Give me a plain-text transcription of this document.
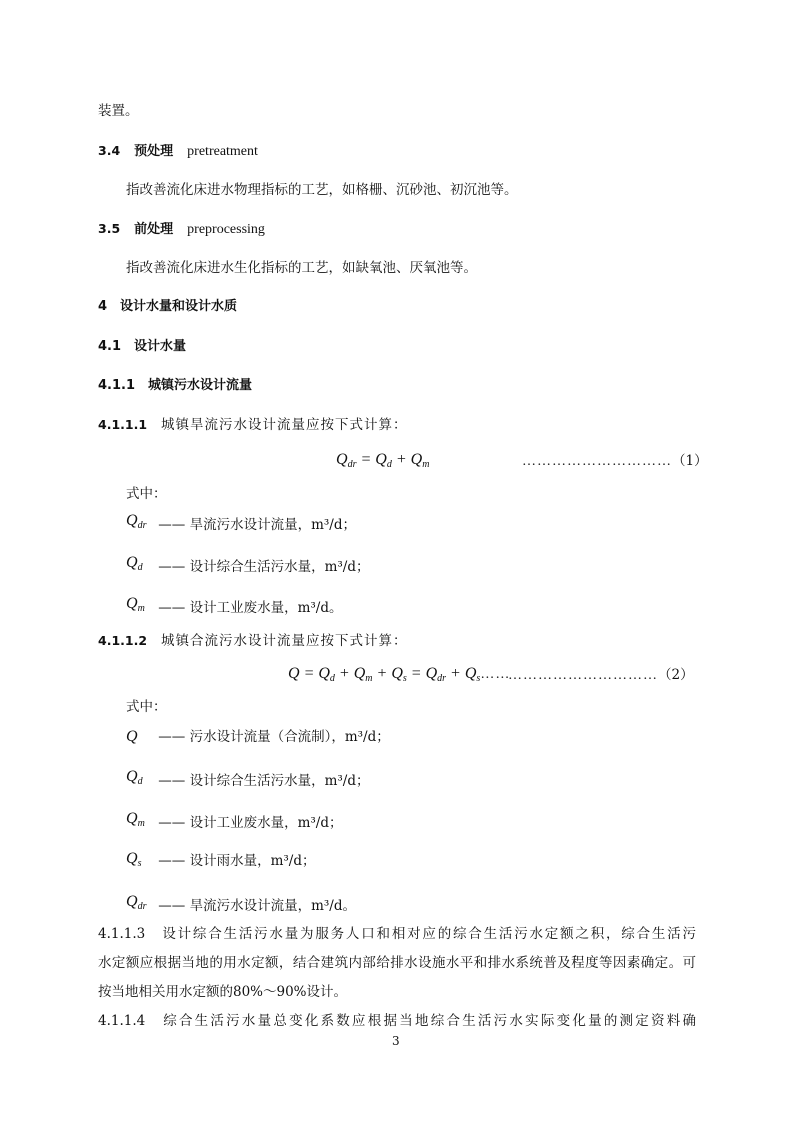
装置。
3.4 预处理 pretreatment
指改善流化床进水物理指标的工艺，如格栅、沉砂池、初沉池等。
3.5 前处理 preprocessing
指改善流化床进水生化指标的工艺，如缺氧池、厌氧池等。
4　设计水量和设计水质
4.1　设计水量
4.1.1　城镇污水设计流量
4.1.1.1 城镇旱流污水设计流量应按下式计算：
$Q_{dr} = Q_d + Q_m$	…………………………（1）
式中：
$Q_{dr}$ —— 旱流污水设计流量，m³/d；
$Q_d$ —— 设计综合生活污水量，m³/d；
$Q_m$ —— 设计工业废水量，m³/d。
4.1.1.2 城镇合流污水设计流量应按下式计算：
$Q = Q_d + Q_m + Q_s = Q_{dr}$ + $Q_s\dots\dots$
…………………………（2）
式中：
Q —— 污水设计流量（合流制），m³/d；
$Q_d$ —— 设计综合生活污水量，m³/d；
$Q_m$ —— 设计工业废水量，m³/d；
$Q_s$ —— 设计雨水量，m³/d；
$Q_{dr}$ —— 旱流污水设计流量，m³/d。
4.1.1.3　设计综合生活污水量为服务人口和相对应的综合生活污水定额之积，综合生活污
水定额应根据当地的用水定额，结合建筑内部给排水设施水平和排水系统普及程度等因素确定。可
按当地相关用水定额的80%～90%设计。
4.1.1.4　综合生活污水量总变化系数应根据当地综合生活污水实际变化量的测定资料确
3
